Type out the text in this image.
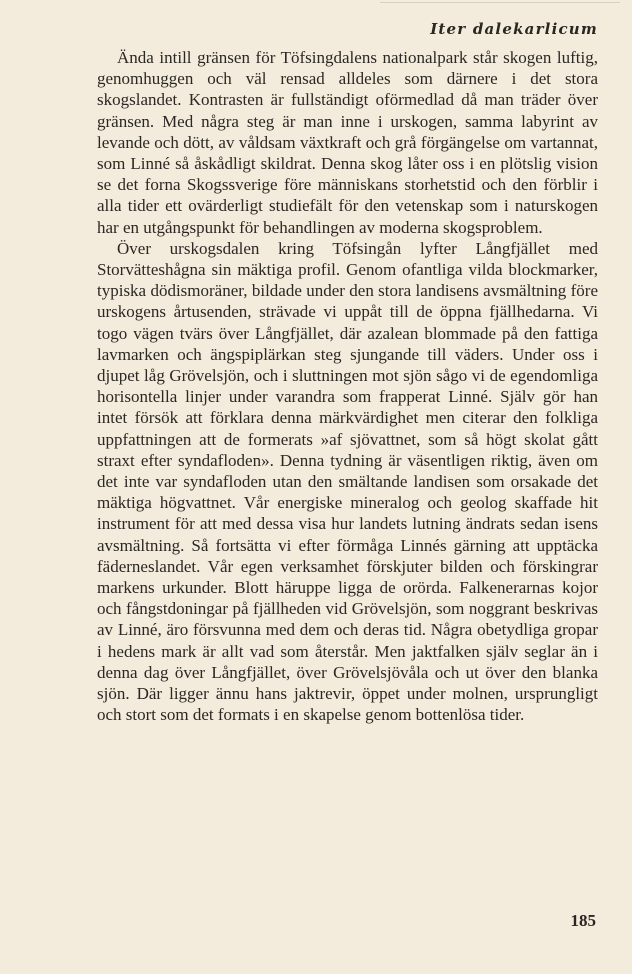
Iter dalekarlicum

Ända intill gränsen för Töfsingdalens nationalpark står skogen luftig, genomhuggen och väl rensad alldeles som därnere i det stora skogslandet. Kontrasten är fullständigt oförmedlad då man träder över gränsen. Med några steg är man inne i urskogen, samma labyrint av levande och dött, av våldsam växtkraft och grå förgängelse om vartannat, som Linné så åskådligt skildrat. Denna skog låter oss i en plötslig vision se det forna Skogssverige före människans storhetstid och den förblir i alla tider ett ovärderligt studiefält för den vetenskap som i naturskogen har en utgångspunkt för behandlingen av moderna skogsproblem.

Över urskogsdalen kring Töfsingån lyfter Långfjället med Storvätteshågna sin mäktiga profil. Genom ofantliga vilda blockmarker, typiska dödismoräner, bildade under den stora landisens avsmältning före urskogens årtusenden, strävade vi uppåt till de öppna fjällhedarna. Vi togo vägen tvärs över Långfjället, där azalean blommade på den fattiga lavmarken och ängspiplärkan steg sjungande till väders. Under oss i djupet låg Grövelsjön, och i sluttningen mot sjön sågo vi de egendomliga horisontella linjer under varandra som frapperat Linné. Själv gör han intet försök att förklara denna märkvärdighet men citerar den folkliga uppfattningen att de formerats »af sjövattnet, som så högt skolat gått straxt efter syndafloden». Denna tydning är väsentligen riktig, även om det inte var syndafloden utan den smältande landisen som orsakade det mäktiga högvattnet. Vår energiske mineralog och geolog skaffade hit instrument för att med dessa visa hur landets lutning ändrats sedan isens avsmältning. Så fortsätta vi efter förmåga Linnés gärning att upptäcka fäderneslandet. Vår egen verksamhet förskjuter bilden och förskingrar markens urkunder. Blott häruppe ligga de orörda. Falkenerarnas kojor och fångstdoningar på fjällheden vid Grövelsjön, som noggrant beskrivas av Linné, äro försvunna med dem och deras tid. Några obetydliga gropar i hedens mark är allt vad som återstår. Men jaktfalken själv seglar än i denna dag över Långfjället, över Grövelsjövåla och ut över den blanka sjön. Där ligger ännu hans jaktrevir, öppet under molnen, ursprungligt och stort som det formats i en skapelse genom bottenlösa tider.

185
